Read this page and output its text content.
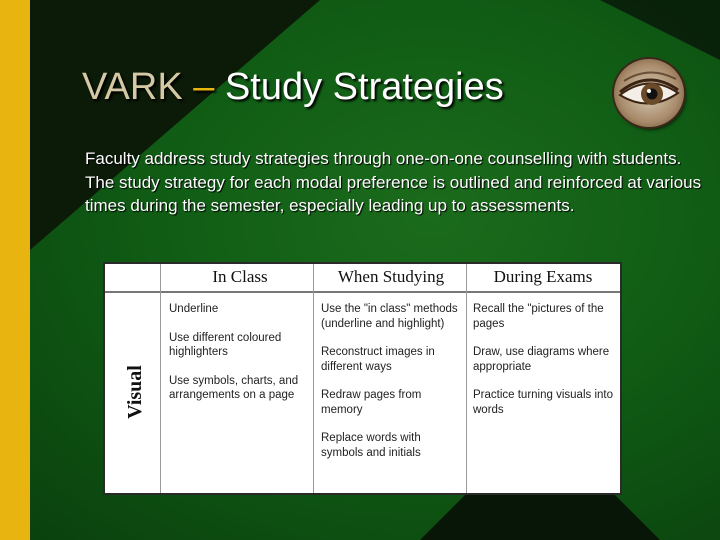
VARK – Study Strategies
Faculty address study strategies through one-on-one counselling with students. The study strategy for each modal preference is outlined and reinforced at various times during the semester, especially leading up to assessments.
In Class	When Studying	During Exams
Visual

Underline

Use different coloured highlighters

Use symbols, charts, and arrangements on a page

Use the "in class" methods (underline and highlight)

Reconstruct images in different ways

Redraw pages from memory

Replace words with symbols and initials

Recall the "pictures of the pages

Draw, use diagrams where appropriate

Practice turning visuals into words
